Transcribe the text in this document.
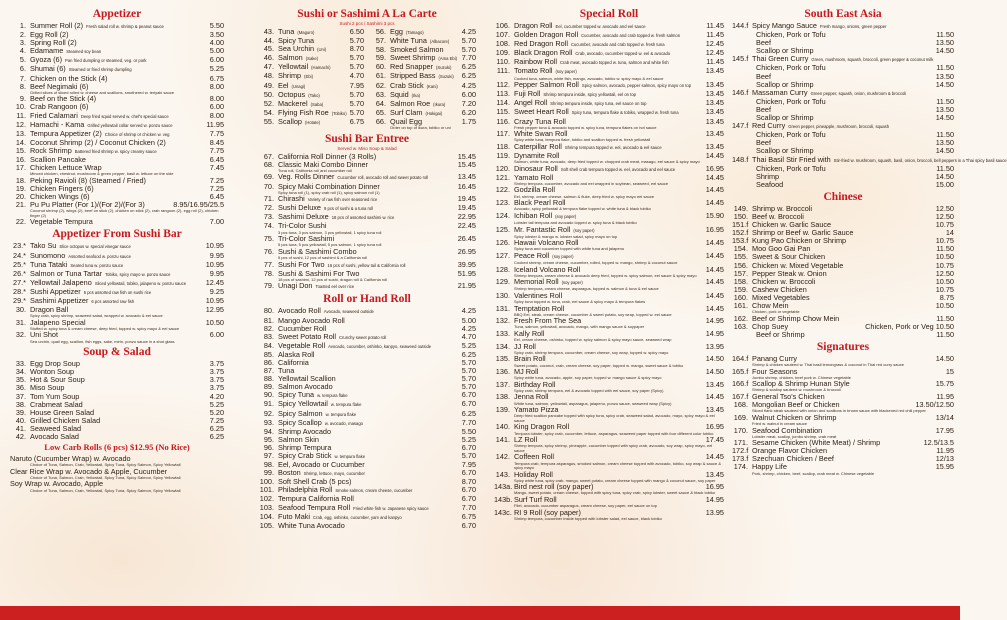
Appetizer
1. Summer Roll (2) Fresh salad roll w. shrimp & peanut sauce	5.50
2. Egg Roll (2)	3.50
3. Spring Roll (2)	4.00
4. Edamame Steamed soy bean	5.00
5. Gyoza (6) Pan fried dumpling or steamed, veg. or pork	6.00
6. Shumai (6) Steamed or fried shrimp dumpling	5.25
7. Chicken on the Stick (4)	6.75
8. Beef Negimaki (6)	8.00
Grilled slices of sliced rolled w. cheese and scallions, smothered w. teriyaki sauce
9. Beef on the Stick (4)	8.00
10. Crab Rangoon (6)	6.00
11. Fried Calamari Deep fried squid served w. chef's special sauce	8.00
12. Hamachi - Kama Grilled yellowtail collar served w. ponzu sauce	11.95
13. Tempura Appetizer (2) Choice of shrimp or chicken w. veg	7.75
14. Coconut Shrimp (2) / Coconut Chicken (2)	8.45
15. Rock Shrimp Battered fried shrimp w. spicy creamy sauce	7.75
16. Scallion Pancake	6.45
17. Chicken Lettuce Wrap	7.45
Minced chicken, chestnut, mushroom & green pepper, basil w. lettuce on the side
18. Peking Ravioli (8) (Steamed / Fried)	7.25
19. Chicken Fingers (6)	7.25
20. Chicken Wings (6)	6.45
21. Pu Pu Platter (For 1)/(For 2)/(For 3)	8.95/16.95/25.5
Coconut shrimp (2), wings (2), beef on stick (2), chicken on stick (2), crab rangoon (2), egg roll (2), chicken finger (2)
22. Vegetable Tempura	7.00
Appetizer From Sushi Bar
23.* Tako Su Slice octopus w. special vinegar sauce	10.95
24.* Sunomono Assorted seafood w. ponzu sauce	9.95
25.* Tuna Tataki Seared tuna w. ponzu sauce	10.95
26.* Salmon or Tuna Tartar Tobiko, spicy mayo w. ponzu sauce	9.95
27.* Yellowtail Jalapeno Sliced yellowtail, tobiko, jalapeno w. ponzu sauce	12.45
28.* Sushi Appetizer 5 pcs assorted raw fish on sushi rice	9.25
29.* Sashimi Appetizer 6 pcs assorted raw fish	10.95
30. Dragon Ball	12.95
Spicy crab, spicy shrimp, seaweed salad, wrapped w. avocado & eel sauce
31. Jalapeno Special	10.50
Stuffed w. spicy tuna & cream cheese, deep fried, topped w. spicy mayo & eel sauce
32. Uni Shot	6.00
Sea urchin, quail egg, scallion, fish eggs, sake, mirin, ponzu sauce in a shot glass
Soup & Salad
33. Egg Drop Soup	3.75
34. Wonton Soup	3.75
35. Hot & Sour Soup	3.75
36. Miso Soup	3.75
37. Tom Yum Soup	4.20
38. Crabmeat Salad	5.25
39. House Green Salad	5.20
40. Grilled Chicken Salad	7.25
41. Seaweed Salad	6.25
42. Avocado Salad	6.25
Low Carb Rolls (6 pcs) $12.95 (No Rice)
Naruto (Cucumber Wrap) w. Avocado
Choice of Tuna, Salmon, Crab, Yellowtail, Spicy Tuna, Spicy Salmon, Spicy Yellowtail
Clear Rice Wrap w. Avocado & Apple, Cucumber
Choice of Tuna, Salmon, Crab, Yellowtail, Spicy Tuna, Spicy Salmon, Spicy Yellowtail
Soy Wrap w. Avocado, Apple
Choice of Tuna, Salmon, Crab, Yellowtail, Spicy Tuna, Spicy Salmon, Spicy Yellowtail
Sushi or Sashimi A La Carte
Sushi 2 pcs / Sashimi 3 pcs
43. Tuna (Maguro)	6.50
44. Spicy Tuna	5.70
45. Sea Urchin (Uni)	8.70
46. Salmon (Sake)	5.70
47. Yellowtail (Hamachi)	5.70
48. Shrimp (Ebi)	4.70
49. Eel (Unagi)	7.95
50. Octopus (Tako)	5.70
52. Mackerel (Saba)	5.70
54. Flying Fish Roe (Tobiko) 5.70
55. Scallop (Hotate)	6.75
56. Egg (Tamago)	4.25
57. White Tuna (Albacore) 5.70
58. Smoked Salmon	5.70
59. Sweet Shrimp (Ama Ebi) 7.70
60. Red Snapper (Suzuki) 6.25
61. Stripped Bass (Suzuki) 6.25
62. Crab Stick (Kani)	4.25
63. Squid (Ika)	6.00
64. Salmon Roe (Ikura) 7.20
65. Surf Clam (Hokigai)	6.20
66. Quail Egg	1.75
Order on top of ikura, tobiko or uni
Sushi Bar Entree
Served w. Miso Soup & Salad
67. California Roll Dinner (3 Rolls)	15.45
68. Classic Maki Combo Dinner	15.45
Tuna roll, California roll and cucumber roll
69. Veg. Rolls Dinner Cucumber roll, avocado roll and sweet potato roll	13.45
70. Spicy Maki Combination Dinner	16.45
Spicy tuna roll (1), spicy crab roll (1), spicy salmon roll (1)
71. Chirashi Variety of raw fish over seasoned rice	19.45
72. Sushi Deluxe 9 pcs of sushi & a tuna roll	19.45
73. Sashimi Deluxe 18 pcs of assorted sashimi w. rice	22.95
74. Tri-Color Sushi	22.45
3 pcs tuna, 3 pcs salmon, 3 pcs yellowtail, 1 spicy tuna roll
75. Tri-Color Sashimi	26.45
5 pcs tuna, 5 pcs yellowtail, 5 pcs salmon, 1 spicy tuna roll
76. Sushi & Sashimi Combo	26.95
5 pcs of sushi, 12 pcs of sashimi & a California roll
77. Sushi For Two 16 pcs of sushi, yellow tail & California roll	39.95
78. Sushi & Sashimi For Two	51.95
18 pcs of sashimi, 12 pcs of sushi, dragon roll & California roll
79. Unagi Don Toasted eel over rice	21.95
Roll or Hand Roll
80. Avocado Roll Avocado, seaweed outside	4.25
81. Mango Avocado Roll	5.00
82. Cucumber Roll	4.25
83. Sweet Potato Roll Crunchy sweet potato roll	4.70
84. Vegetable Roll Avocado, cucumber, oshinko, kanpyo, seaweed outside	5.25
85. Alaska Roll	6.25
86. California	5.70
87. Tuna	5.70
88. Yellowtail Scallion	5.70
89. Salmon Avocado	5.70
90. Spicy Tuna w. tempura flake	6.70
91. Spicy Yellowtail w. tempura flake	6.70
92. Spicy Salmon w. tempura flake	6.25
93. Spicy Scallop w. avocado, masago	7.70
94. Shrimp Avocado	5.50
95. Salmon Skin	5.25
96. Shrimp Tempura	6.70
97. Spicy Crab Stick w. tempura flake	5.70
98. Eel, Avocado or Cucumber	7.95
99. Boston Shrimp, lettuce, mayo, cucumber	6.70
100. Soft Shell Crab (5 pcs)	8.70
101. Philadelphia Roll Smoke salmon, cream cheese, cucumber	6.70
102. Tempura California Roll	6.70
103. Seafood Tempura Roll Fried white fish w. Japanese spicy sauce	7.70
104. Futo Maki Crab, egg, oshinko, cucumber, yam and kanpyo	6.75
105. White Tuna Avocado	6.70
Special Roll
106. Dragon Roll Eel, cucumber topped w. avocado and eel sauce	11.45
107. Golden Dragon Roll Cucumber, avocado and crab topped w. fresh salmon	11.45
108. Red Dragon Roll Cucumber, avocado and crab topped w. fresh tuna	12.45
109. Black Dragon Roll Crab, avocado, cucumber topped w. eel & avocado	12.45
110. Rainbow Roll Crab meat, avocado topped w. tuna, salmon and white fish	11.45
111. Tomato Roll (soy paper)	13.45
Cooked tuna, salmon, white fish, mango, avocado, tobiko w. spicy mayo & eel sauce
112. Pepper Salmon Roll Spicy salmon, avocado, pepper salmon, spicy mayo on top 13.45
113. Fuji Roll Shrimp tempura inside, spicy yellowtail, eel on top	13.45
114. Angel Roll Shrimp tempura inside, spicy tuna, eel sauce on top	13.45
115. Sweet Heart Roll Spicy tuna, tempura flake & tobiko, wrapped w. fresh tuna	13.45
116. Crazy Tuna Roll	13.45
Fresh pepper tuna & avocado topped w. spicy tuna, tempura flakes on hot sauce
117. White Swan Roll	13.45
Spicy white tuna, tempura flake, tobiko and scallion topped w. fresh yellowtail
118. Caterpillar Roll Shrimp tempura topped w. eel, avocado & eel sauce	13.45
119. Dynamite Roll	14.45
Salmon, white tuna, avocado, deep fried topped w. chopped crab meat, masago, eel sauce & spicy mayo
120. Dinosaur Roll Soft shell crab tempura topped w. eel, avocado and eel sauce	16.95
121. Yamato Roll	14.45
Shrimp tempura, cucumber, avocado and eel wrapped in soybean, seaweed, eel sauce
122. Godzilla Roll	14.45
Eel, shrimp, cream cheese, salmon & fluke, deep fried w. spicy mayo eel sauce
123. Black Pearl Roll	14.45
Avocado, spicy yellowtail & tempura flake topped w. white tuna & black tobiko
124. Ichiban Roll (soy paper)	15.90
Lobster tail tempura and avocado topped w. spicy tuna & black tobiko
125. Mr. Fantastic Roll (soy paper)	16.95
Spicy lobster & mango w. lobster salad, spicy mayo on top
126. Hawaii Volcano Roll	14.45
Spicy tuna and cucumber topped with white tuna and jalapeno
127. Peace Roll (soy paper)	14.45
Cooked shrimp, cream cheese, cucumber, rolled, topped w. mango, shrimp & coconut sauce
128. Iceland Volcano Roll	14.45
Shrimp tempura, cream cheese & avocado deep fried, topped w. spicy salmon, eel sauce & spicy mayo
129. Memorial Roll (soy paper)	14.45
Shrimp tempura, cream cheese, asparagus, topped w. salmon & tuna & eel sauce
130. Valentines Roll	14.45
Spicy tuna topped w. tuna, crab, eel sauce & spicy mayo & tempura flakes
131. Temptation Roll	14.45
BBQ Eel, steak, cream cheese, cucumber & sweet potato, soy wrap, topped w. eel sauce
132. Fresh From The Sea	14.95
Tuna, salmon, yellowtail, avocado, mango, with mango sauce & soypaper
133. Kally Roll	14.95
Eel, cream cheese, oshinko, topped w. spicy salmon & spicy mayo sauce, seaweed wrap
134. JJ Roll	13.95
Spicy crab, shrimp tempura, cucumber, cream cheese, soy wrap, topped w. spicy mayo
135. Brain Roll	14.50
Sweet potato, coconut, crab, cream cheese, soy paper, topped w. mango, sweet sauce & tobiko
136. MJ Roll	14.50
Spicy white tuna, avocado, apple, soy paper, topped w. mango sauce & spicy mayo
137. Birthday Roll	13.45
Spicy crab, shrimp tempura, eel & avocado topped with eel sauce, soy paper (Spicy)
138. Jenna Roll	14.45
White tuna, salmon, yellowtail, asparagus, jalapeno, ponzu sauce, seaweed wrap (Spicy)
139. Yamato Pizza	13.45
Deep fried scallion pancake topped with spicy tuna, spicy crab, seaweed salad, avocado, mayo, spicy mayo & eel sauce
140. King Dragon Roll	16.95
Tempura lobster, spicy crab, cucumber, lettuce, asparagus, seaweed paper topped with four different color tobiko
141. LZ Roll	17.45
Shrimp tempura, spicy shrimp, pineapple, cucumber topped with spicy crab, avocado, soy wrap, spicy mayo, eel sauce
142. Coffeen Roll	14.45
Tempura crab, tempura asparagus, smoked salmon, cream cheese topped with avocado, tobiko, soy wrap & sauce & spicy mayo
143. Holiday Roll	13.45
Spicy white tuna, spicy crab, mango, sweet potato, cream cheese topped with mango & coconut sauce, soy paper
143a. Bird nest roll (soy paper)	16.95
Mango, sweet potato, cream cheese, topped with spicy tuna, spicy crab, spicy lobster, sweet sauce & black tobiko
143b. Surf Turf Roll	14.95
Filet, avocado, cucumber asparagus, cream cheese, soy paper, eel sauce on top
143c. RI 9 Roll (soy paper)	13.95
Shrimp tempura, cucumber inside topped with lobster salad, eel sauce, black tobiko
South East Asia
144.f Spicy Mango Sauce Fresh mango, onions, green pepper
Chicken, Pork or Tofu	11.50
Beef	13.50
Scallop or Shrimp	14.50
145.f Thai Green Curry Green, mushroom, squash, broccoli, green pepper & coconut milk
Chicken, Pork or Tofu	11.50
Beef	13.50
Scallop or Shrimp	14.50
146.f Massaman Curry Green pepper, squash, onion, mushroom & broccoli
Chicken, Pork or Tofu	11.50
Beef	13.50
Scallop or Shrimp	14.50
147.f Red Curry Green pepper, pineapple, mushroom, broccoli, squash
Chicken, Pork or Tofu	11.50
Beef	13.50
Scallop or Shrimp	14.50
148.f Thai Basil Stir Fried with Stir-fried w. mushroom, squash, basil, onion, broccoli, bell peppers in a Thai spicy basil sauce
Chicken, Pork or Tofu	11.50
Shrimp	14.50
Seafood	15.00
Chinese
149. Shrimp w. Broccoli	12.50
150. Beef w. Broccoli	12.50
151.f Chicken w. Garlic Sauce	10.75
152.f Shrimp or Beef w. Garlic Sauce	14
153.f Kung Pao Chicken or Shrimp	10.75
154. Moo Goo Gai Pan	11.50
155. Sweet & Sour Chicken	10.50
156. Chicken w. Mixed Vegetable	10.75
157. Pepper Steak w. Onion	12.50
158. Chicken w. Broccoli	10.50
159. Cashew Chicken	10.75
160. Mixed Vegetables	8.75
161. Chow Mein	10.50
Chicken, pork or vegetable
162. Beef or Shrimp Chow Mein	11.50
163. Chop Suey	Chicken, Pork or Veg 10.50
Beef or Shrimp	11.50
Signatures
164.f Panang Curry	14.50
Shrimp & chicken sauteed w. Thai basil lemongrass & coconut in Thai red curry sauce
165.f Four Seasons	15
Jumbo shrimp, chicken, beef pork w. Chinese vegetable
166.f Scallop & Shrimp Hunan Style	15.75
Shrimp & scallop sauteed w. mushroom & broccoli
167.f General Tso's Chicken	11.95
168. Mongolian Beef or Chicken	13.50/12.50
Sliced flank steak sauteed with onion and scallions in brown sauce with blackened red chili pepper
169. Walnut Chicken or Shrimp	13/14
Fried w. walnut in cream sauce
170. Seafood Combination	17.95
Lobster meat, scallop, jumbo shrimp, crab meat
171. Sesame Chicken (White Meat) / Shrimp	12.5/13.5
172.f Orange Flavor Chicken	11.95
173.f Szechuan Chicken / Beef	12/13
174. Happy Life	15.95
Pork, shrimp, chicken, beef, scallop, crab meat w. Chinese vegetable
